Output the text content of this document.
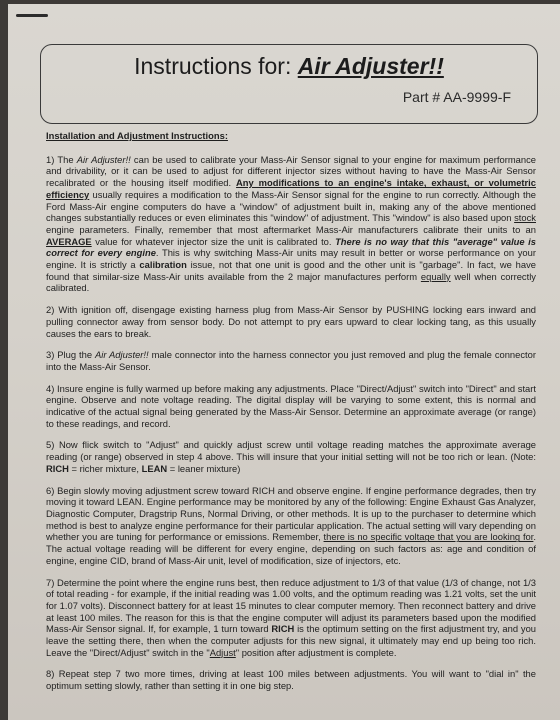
Instructions for: Air Adjuster!!
Part # AA-9999-F
Installation and Adjustment Instructions:

1) The Air Adjuster!! can be used to calibrate your Mass-Air Sensor signal to your engine for maximum performance and drivability, or it can be used to adjust for different injector sizes without having to have the Mass-Air Sensor recalibrated or the housing itself modified. Any modifications to an engine's intake, exhaust, or volumetric efficiency usually requires a modification to the Mass-Air Sensor signal for the engine to run correctly. Although the Ford Mass-Air engine computers do have a "window" of adjustment built in, making any of the above mentioned changes substantially reduces or even eliminates this "window" of adjustment. This "window" is also based upon stock engine parameters. Finally, remember that most aftermarket Mass-Air manufacturers calibrate their units to an AVERAGE value for whatever injector size the unit is calibrated to. There is no way that this "average" value is correct for every engine. This is why switching Mass-Air units may result in better or worse performance on your engine. It is strictly a calibration issue, not that one unit is good and the other unit is "garbage". In fact, we have found that similar-size Mass-Air units available from the 2 major manufactures perform equally well when correctly calibrated.

2) With ignition off, disengage existing harness plug from Mass-Air Sensor by PUSHING locking ears inward and pulling connector away from sensor body. Do not attempt to pry ears upward to clear locking tang, as this usually causes the ears to break.

3) Plug the Air Adjuster!! male connector into the harness connector you just removed and plug the female connector into the Mass-Air Sensor.

4) Insure engine is fully warmed up before making any adjustments. Place "Direct/Adjust" switch into "Direct" and start engine. Observe and note voltage reading. The digital display will be varying to some extent, this is normal and indicative of the actual signal being generated by the Mass-Air Sensor. Determine an approximate average (or range) to these readings, and record.

5) Now flick switch to "Adjust" and quickly adjust screw until voltage reading matches the approximate average reading (or range) observed in step 4 above. This will insure that your initial setting will not be too rich or lean. (Note: RICH = richer mixture, LEAN = leaner mixture)

6) Begin slowly moving adjustment screw toward RICH and observe engine. If engine performance degrades, then try moving it toward LEAN. Engine performance may be monitored by any of the following: Engine Exhaust Gas Analyzer, Diagnostic Computer, Dragstrip Runs, Normal Driving, or other methods. It is up to the purchaser to determine which method is best to analyze engine performance for their particular application. The actual setting will vary depending on whether you are tuning for performance or emissions. Remember, there is no specific voltage that you are looking for. The actual voltage reading will be different for every engine, depending on such factors as: age and condition of engine, engine CID, brand of Mass-Air unit, level of modification, size of injectors, etc.

7) Determine the point where the engine runs best, then reduce adjustment to 1/3 of that value (1/3 of change, not 1/3 of total reading - for example, if the initial reading was 1.00 volts, and the optimum reading was 1.21 volts, set the unit for 1.07 volts). Disconnect battery for at least 15 minutes to clear computer memory. Then reconnect battery and drive at least 100 miles. The reason for this is that the engine computer will adjust its parameters based upon the modified Mass-Air Sensor signal. If, for example, 1 turn toward RICH is the optimum setting on the first adjustment try, and you leave the setting there, then when the computer adjusts for this new signal, it ultimately may end up being too rich. Leave the "Direct/Adjust" switch in the "Adjust" position after adjustment is complete.

8) Repeat step 7 two more times, driving at least 100 miles between adjustments. You will want to "dial in" the optimum setting slowly, rather than setting it in one big step.
